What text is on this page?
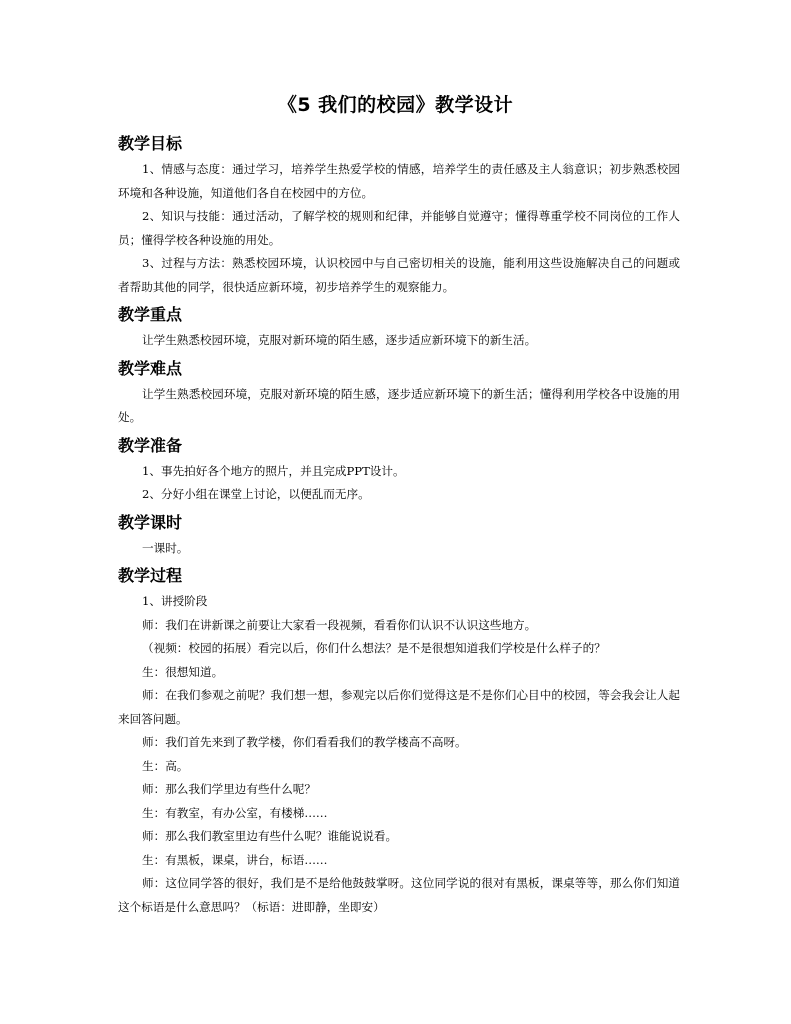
《5 我们的校园》教学设计
教学目标
1、情感与态度：通过学习，培养学生热爱学校的情感，培养学生的责任感及主人翁意识；初步熟悉校园环境和各种设施，知道他们各自在校园中的方位。
2、知识与技能：通过活动，了解学校的规则和纪律，并能够自觉遵守；懂得尊重学校不同岗位的工作人员；懂得学校各种设施的用处。
3、过程与方法：熟悉校园环境，认识校园中与自己密切相关的设施，能利用这些设施解决自己的问题或者帮助其他的同学，很快适应新环境，初步培养学生的观察能力。
教学重点
让学生熟悉校园环境，克服对新环境的陌生感，逐步适应新环境下的新生活。
教学难点
让学生熟悉校园环境，克服对新环境的陌生感，逐步适应新环境下的新生活；懂得利用学校各中设施的用处。
教学准备
1、事先拍好各个地方的照片，并且完成PPT设计。
2、分好小组在课堂上讨论，以便乱而无序。
教学课时
一课时。
教学过程
1、讲授阶段
师：我们在讲新课之前要让大家看一段视频，看看你们认识不认识这些地方。
（视频：校园的拓展）看完以后，你们什么想法？是不是很想知道我们学校是什么样子的？
生：很想知道。
师：在我们参观之前呢？我们想一想，参观完以后你们觉得这是不是你们心目中的校园，等会我会让人起来回答问题。
师：我们首先来到了教学楼，你们看看我们的教学楼高不高呀。
生：高。
师：那么我们学里边有些什么呢？
生：有教室，有办公室，有楼梯……
师：那么我们教室里边有些什么呢？谁能说说看。
生：有黑板，课桌，讲台，标语……
师：这位同学答的很好，我们是不是给他鼓鼓掌呀。这位同学说的很对有黑板，课桌等等，那么你们知道这个标语是什么意思吗？（标语：进即静，坐即安）
